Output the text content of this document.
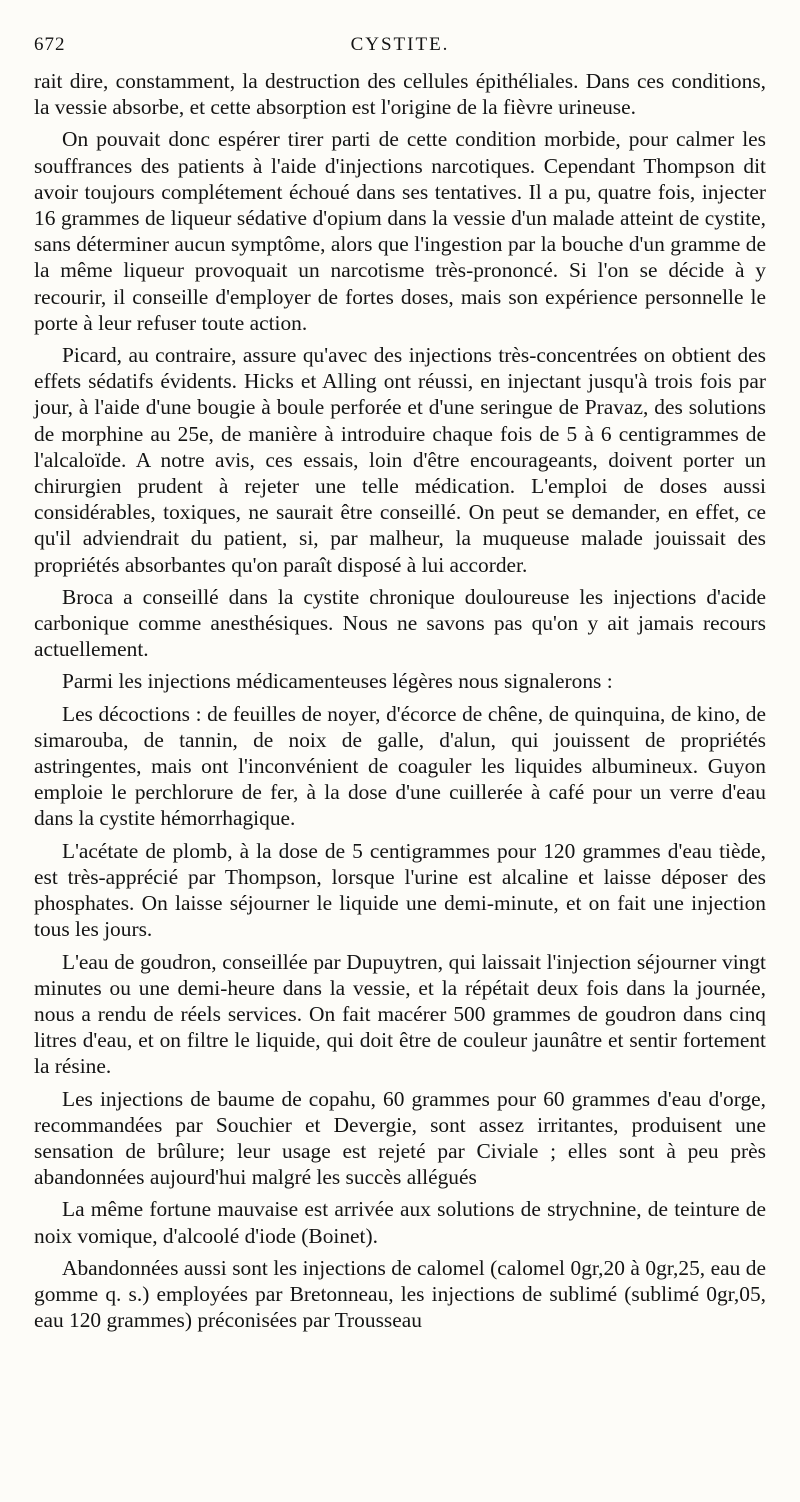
672	CYSTITE.

rait dire, constamment, la destruction des cellules épithéliales. Dans ces conditions, la vessie absorbe, et cette absorption est l'origine de la fièvre urineuse.

On pouvait donc espérer tirer parti de cette condition morbide, pour calmer les souffrances des patients à l'aide d'injections narcotiques. Cependant Thompson dit avoir toujours complétement échoué dans ses tentatives. Il a pu, quatre fois, injecter 16 grammes de liqueur sédative d'opium dans la vessie d'un malade atteint de cystite, sans déterminer aucun symptôme, alors que l'ingestion par la bouche d'un gramme de la même liqueur provoquait un narcotisme très-prononcé. Si l'on se décide à y recourir, il conseille d'employer de fortes doses, mais son expérience personnelle le porte à leur refuser toute action.

Picard, au contraire, assure qu'avec des injections très-concentrées on obtient des effets sédatifs évidents. Hicks et Alling ont réussi, en injectant jusqu'à trois fois par jour, à l'aide d'une bougie à boule perforée et d'une seringue de Pravaz, des solutions de morphine au 25e, de manière à introduire chaque fois de 5 à 6 centigrammes de l'alcaloïde. A notre avis, ces essais, loin d'être encourageants, doivent porter un chirurgien prudent à rejeter une telle médication. L'emploi de doses aussi considérables, toxiques, ne saurait être conseillé. On peut se demander, en effet, ce qu'il adviendrait du patient, si, par malheur, la muqueuse malade jouissait des propriétés absorbantes qu'on paraît disposé à lui accorder.

Broca a conseillé dans la cystite chronique douloureuse les injections d'acide carbonique comme anesthésiques. Nous ne savons pas qu'on y ait jamais recours actuellement.

Parmi les injections médicamenteuses légères nous signalerons :

Les décoctions : de feuilles de noyer, d'écorce de chêne, de quinquina, de kino, de simarouba, de tannin, de noix de galle, d'alun, qui jouissent de propriétés astringentes, mais ont l'inconvénient de coaguler les liquides albumineux. Guyon emploie le perchlorure de fer, à la dose d'une cuillerée à café pour un verre d'eau dans la cystite hémorrhagique.

L'acétate de plomb, à la dose de 5 centigrammes pour 120 grammes d'eau tiède, est très-apprécié par Thompson, lorsque l'urine est alcaline et laisse déposer des phosphates. On laisse séjourner le liquide une demi-minute, et on fait une injection tous les jours.

L'eau de goudron, conseillée par Dupuytren, qui laissait l'injection séjourner vingt minutes ou une demi-heure dans la vessie, et la répétait deux fois dans la journée, nous a rendu de réels services. On fait macérer 500 grammes de goudron dans cinq litres d'eau, et on filtre le liquide, qui doit être de couleur jaunâtre et sentir fortement la résine.

Les injections de baume de copahu, 60 grammes pour 60 grammes d'eau d'orge, recommandées par Souchier et Devergie, sont assez irritantes, produisent une sensation de brûlure; leur usage est rejeté par Civiale ; elles sont à peu près abandonnées aujourd'hui malgré les succès allégués

La même fortune mauvaise est arrivée aux solutions de strychnine, de teinture de noix vomique, d'alcoolé d'iode (Boinet).

Abandonnées aussi sont les injections de calomel (calomel 0gr,20 à 0gr,25, eau de gomme q. s.) employées par Bretonneau, les injections de sublimé (sublimé 0gr,05, eau 120 grammes) préconisées par Trousseau
